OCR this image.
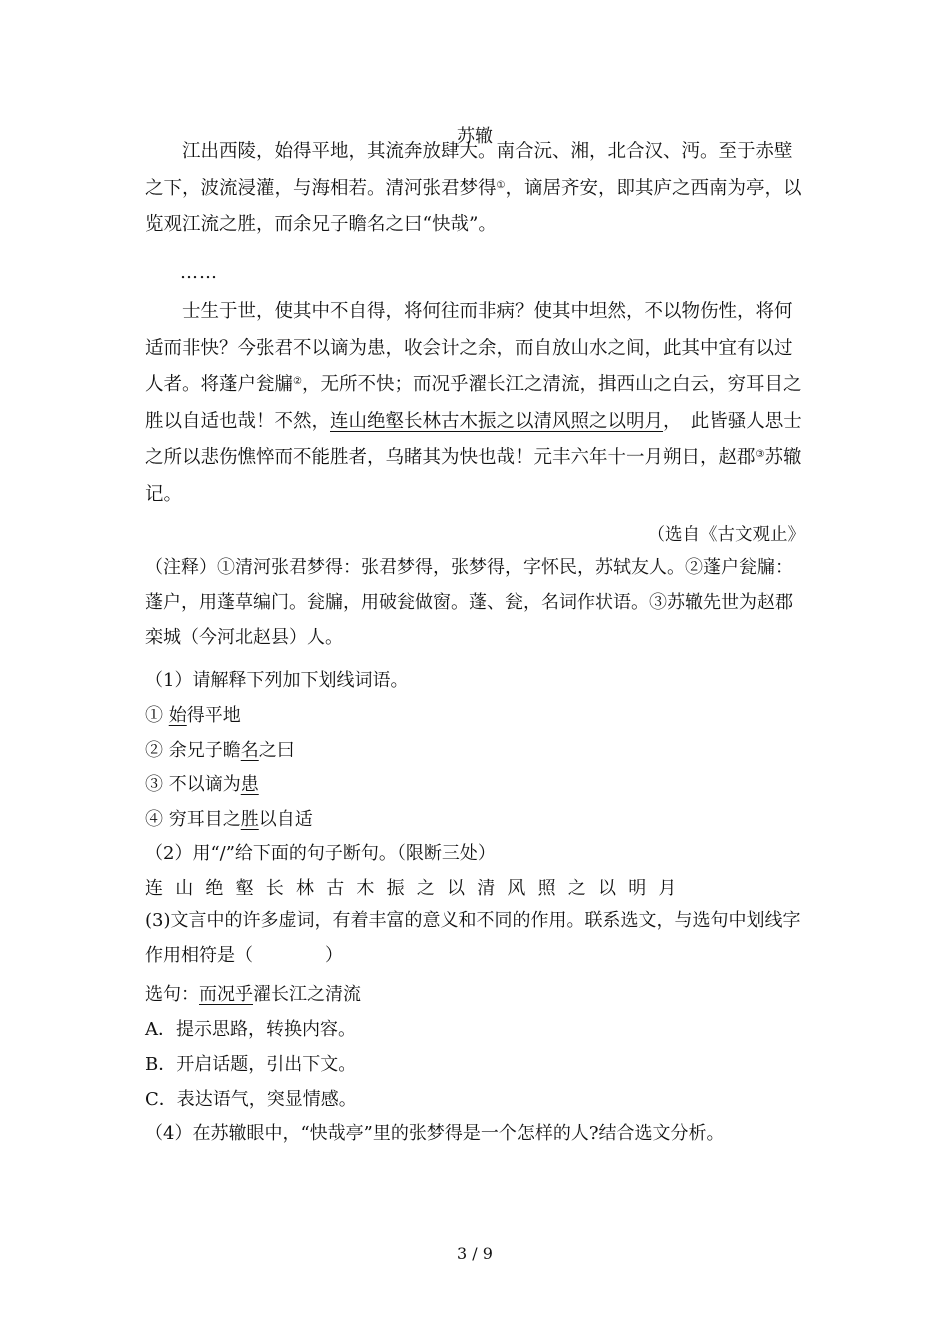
苏辙

江出西陵，始得平地，其流奔放肆大。南合沅、湘，北合汉、沔。至于赤壁之下，波流浸灌，与海相若。清河张君梦得①，谪居齐安，即其庐之西南为亭，以览观江流之胜，而余兄子瞻名之曰“快哉”。

……

士生于世，使其中不自得，将何往而非病？使其中坦然，不以物伤性，将何适而非快？今张君不以谪为患，收会计之余，而自放山水之间，此其中宜有以过人者。将蓬户瓮牖②，无所不快；而况乎濯长江之清流，揖西山之白云，穷耳目之胜以自适也哉！不然，连山绝壑长林古木振之以清风照之以明月，　此皆骚人思士之所以悲伤憔悴而不能胜者，乌睹其为快也哉！元丰六年十一月朔日，赵郡③苏辙记。

（选自《古文观止》

（注释）①清河张君梦得：张君梦得，张梦得，字怀民，苏轼友人。②蓬户瓮牖：蓬户，用蓬草编门。瓮牖，用破瓮做窗。蓬、瓮，名词作状语。③苏辙先世为赵郡栾城（今河北赵县）人。

（1）请解释下列加下划线词语。
① 始得平地
② 余兄子瞻名之曰
③ 不以谪为患
④ 穷耳目之胜以自适
（2）用“/”给下面的句子断句。（限断三处）
连山绝壑长林古木振之以清风照之以明月

(3)文言中的许多虚词，有着丰富的意义和不同的作用。联系选文，与选句中划线字作用相符是（	）

选句：而况乎濯长江之清流
A．提示思路，转换内容。
B．开启话题，引出下文。
C．表达语气，突显情感。
（4）在苏辙眼中，“快哉亭”里的张梦得是一个怎样的人?结合选文分析。
3 / 9
